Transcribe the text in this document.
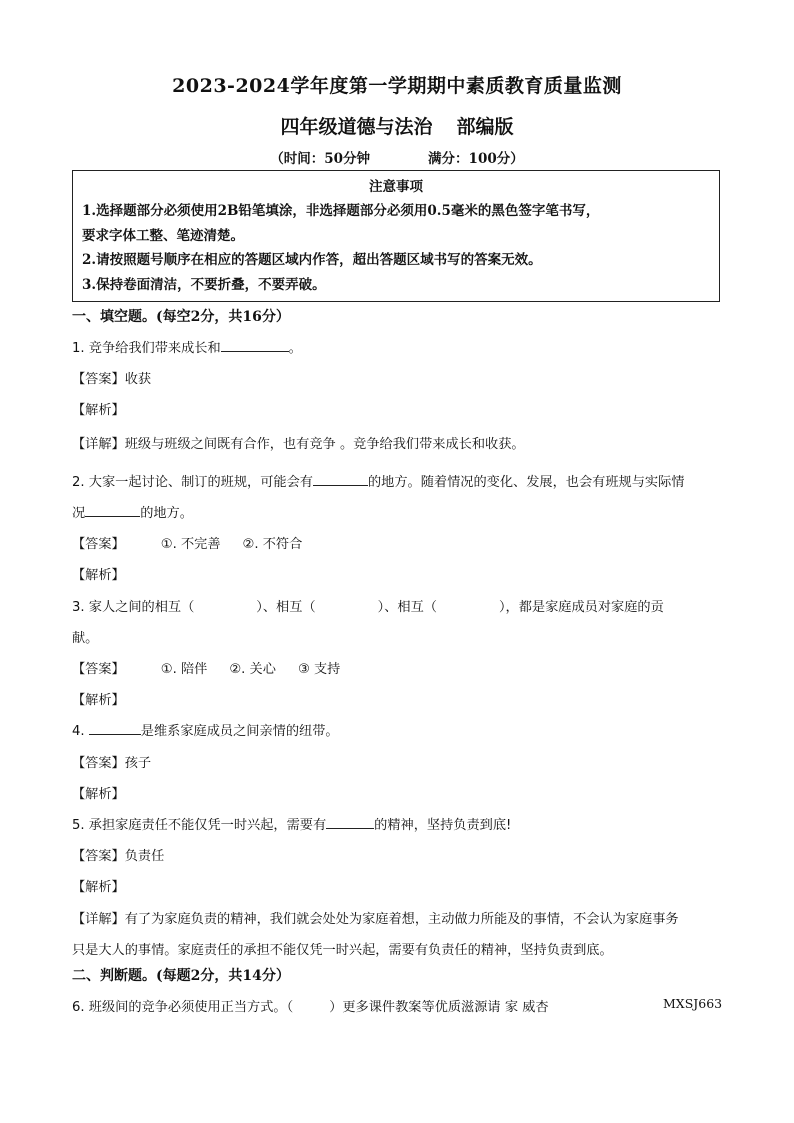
2023-2024学年度第一学期期中素质教育质量监测
四年级道德与法治 部编版
（时间：50分钟	满分：100分）
注意事项
1.选择题部分必须使用2B铅笔填涂，非选择题部分必须用0.5毫米的黑色签字笔书写，
要求字体工整、笔迹清楚。
2.请按照题号顺序在相应的答题区域内作答，超出答题区域书写的答案无效。
3.保持卷面清洁，不要折叠，不要弄破。
一、填空题。(每空2分，共16分）
1. 竞争给我们带来成长和	。
【答案】收获
【解析】
【详解】班级与班级之间既有合作，也有竞争 。竞争给我们带来成长和收获。
2. 大家一起讨论、制订的班规，可能会有	的地方。随着情况的变化、发展，也会有班规与实际情
况	的地方。
【答案】	①. 不完善 ②. 不符合
【解析】
3. 家人之间的相互（	）、相互（	）、相互（	），都是家庭成员对家庭的贡
献。
【答案】	①. 陪伴 ②. 关心 ③ 支持
【解析】
4.	是维系家庭成员之间亲情的纽带。
【答案】孩子
【解析】
5. 承担家庭责任不能仅凭一时兴起，需要有	的精神，坚持负责到底!
【答案】负责任
【解析】
【详解】有了为家庭负责的精神，我们就会处处为家庭着想，主动做力所能及的事情，不会认为家庭事务
只是大人的事情。家庭责任的承担不能仅凭一时兴起，需要有负责任的精神，坚持负责到底。
二、判断题。(每题2分，共14分）
6. 班级间的竞争必须使用正当方式。（	）更多课件教案等优质滋源请 家 威杏	MXSJ663
